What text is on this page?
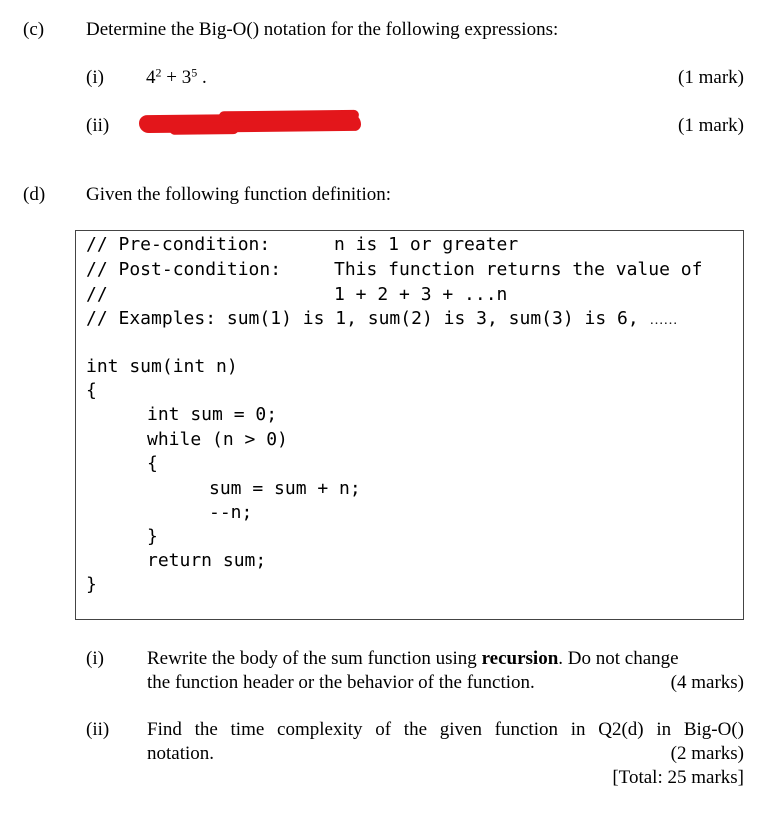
(c) Determine the Big-O() notation for the following expressions:
(i) $4^2 + 3^5$ .	(1 mark)
(ii)	(1 mark)
(d) Given the following function definition:
// Pre-condition:	n is 1 or greater
// Post-condition:	This function returns the value of
//	1 + 2 + 3 + ...n
// Examples: sum(1) is 1, sum(2) is 3, sum(3) is 6, ……
int sum(int n)
{
int sum = 0;
while (n > 0)
{
sum = sum + n;
--n;
}
return sum;
}
(i) Rewrite the body of the sum function using recursion. Do not change
the function header or the behavior of the function.	(4 marks)
(ii) Find the time complexity of the given function in Q2(d) in Big-O()
notation.	(2 marks)
[Total: 25 marks]
